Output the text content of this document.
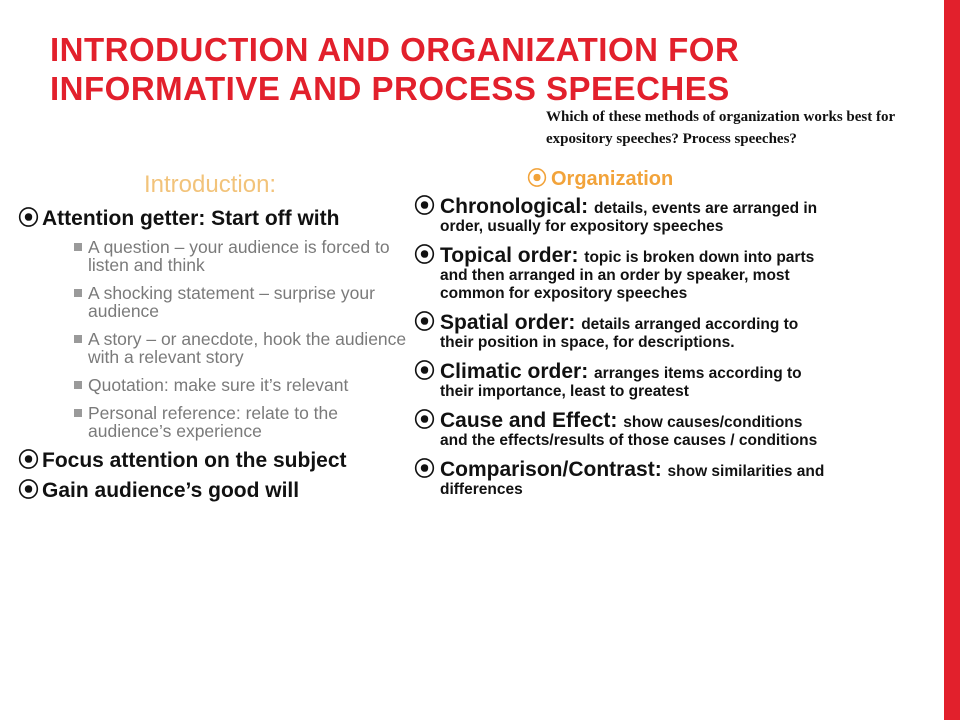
INTRODUCTION AND ORGANIZATION FOR INFORMATIVE AND PROCESS SPEECHES

Which of these methods of organization works best for expository speeches? Process speeches?

Introduction:	⦿ Organization
⦿ Attention getter: Start off with
A question – your audience is forced to listen and think
A shocking statement – surprise your audience
A story – or anecdote, hook the audience with a relevant story
Quotation: make sure it’s relevant
Personal reference: relate to the audience’s experience
⦿ Focus attention on the subject
⦿ Gain audience’s good will
⦿ Chronological: details, events are arranged in order, usually for expository speeches
⦿ Topical order: topic is broken down into parts and then arranged in an order by speaker, most common for expository speeches
⦿ Spatial order: details arranged according to their position in space, for descriptions.
⦿ Climatic order: arranges items according to their importance, least to greatest
⦿ Cause and Effect: show causes/conditions and the effects/results of those causes / conditions
⦿ Comparison/Contrast: show similarities and differences
